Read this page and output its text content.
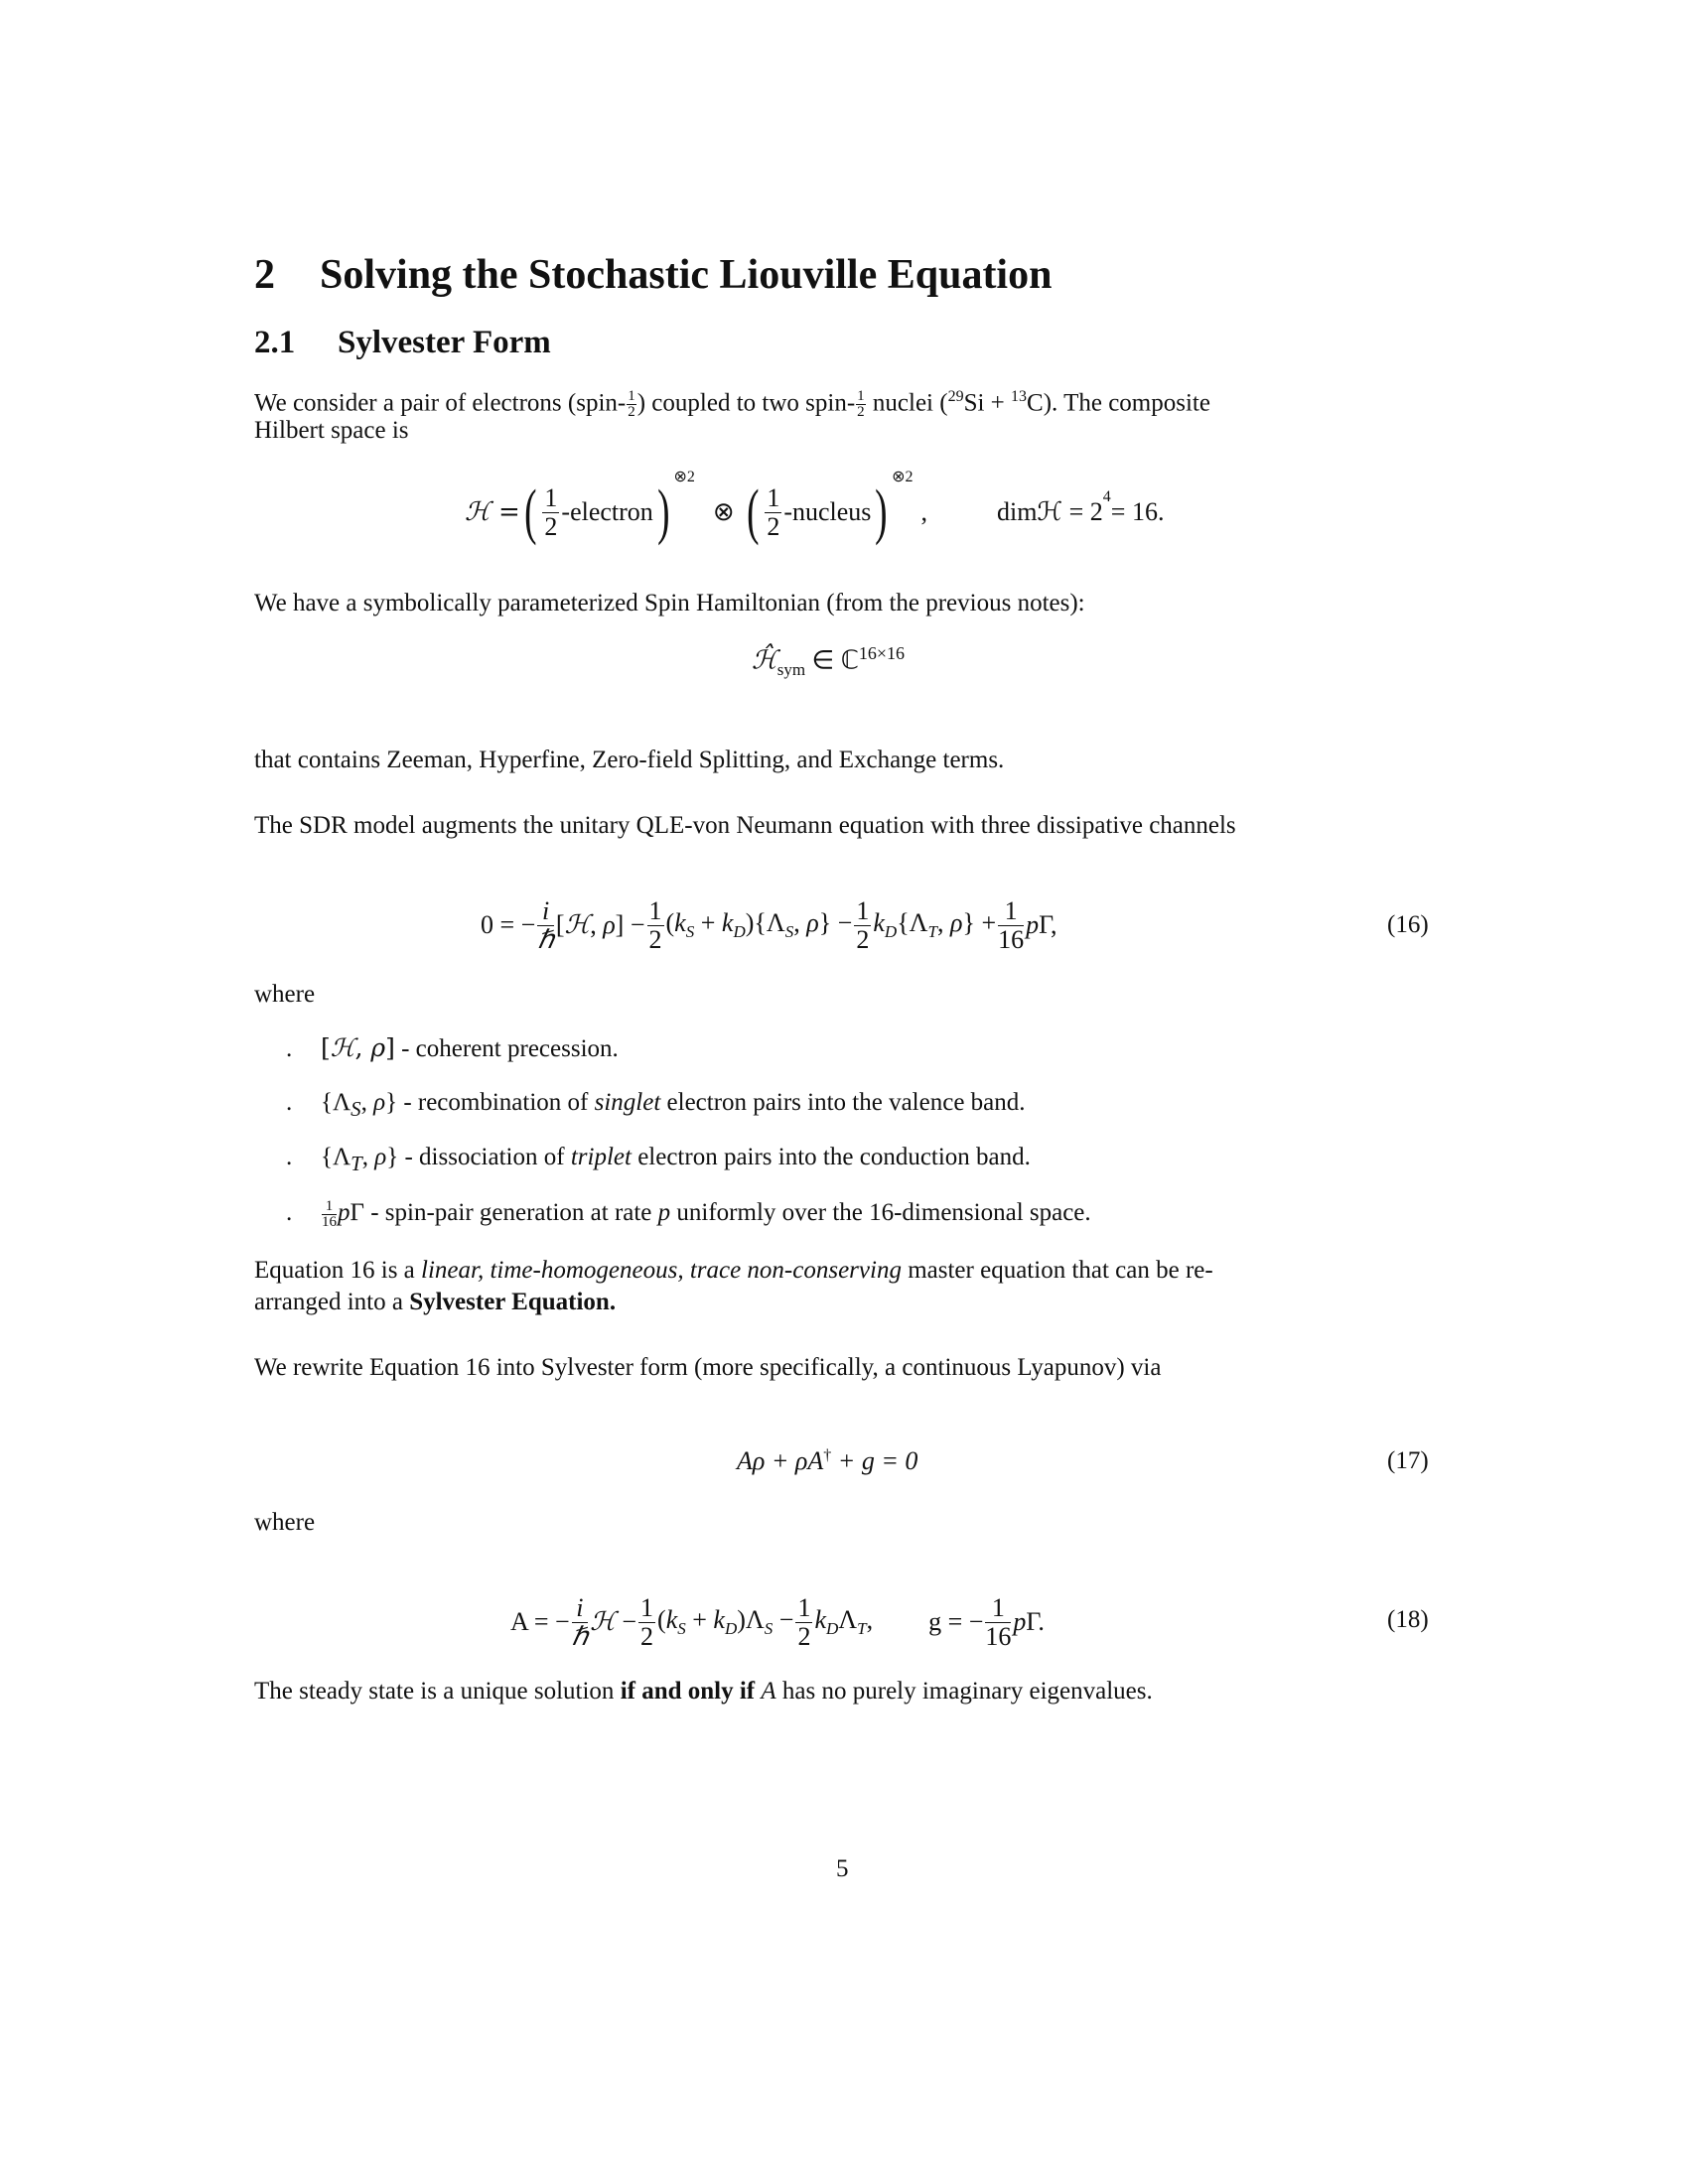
2 Solving the Stochastic Liouville Equation
2.1 Sylvester Form
We consider a pair of electrons (spin- $\frac{1}{2}$ ) coupled to two spin- $\frac{1}{2}$ nuclei ($^{29}$Si + $^{13}$C). The composite
Hilbert space is
ℋ = ( $\frac{1}{2}$ -electron )
$^{\otimes 2}$
⊗ ( $\frac{1}{2}$ -nucleus )
$^{\otimes 2}$
,	dimℋ = 2
$^4$
= 16.
We have a symbolically parameterized Spin Hamiltonian (from the previous notes):
$ℋ̂_{sym}$ ∈ ℂ$^{16\times 16}$
that contains Zeeman, Hyperfine, Zero-field Splitting, and Exchange terms.
The SDR model augments the unitary QLE-von Neumann equation with three dissipative channels
0 = − $\frac{i}{\text{ℏ}}$ [ℋ, $\rho] - \frac{1}{2} (k_S + k_D)\{\Lambda_S$, $\rho\} - \frac{1}{2} k_D\{\Lambda_T$, $\rho\} + \frac{1}{16} p\Gamma$,	(16)
where
. [ℋ, ρ] - coherent precession.
. {$\Lambda_S$, ρ} - recombination of singlet electron pairs into the valence band.
. {$\Lambda_T$, ρ} - dissociation of triplet electron pairs into the conduction band.
. $\frac{1}{16}$ pΓ - spin-pair generation at rate p uniformly over the 16-dimensional space.
Equation 16 is a linear, time-homogeneous, trace non-conserving master equation that can be re-
arranged into a Sylvester Equation.
We rewrite Equation 16 into Sylvester form (more specifically, a continuous Lyapunov) via
Aρ + ρA† + g = 0	(17)
where
A = − $\frac{i}{\text{ℏ}}$ ℋ − $\frac{1}{2} (k_S + k_D)\Lambda_S - \frac{1}{2} k_D\Lambda_T$, g = − $\frac{1}{16} p\Gamma$.	(18)
The steady state is a unique solution if and only if A has no purely imaginary eigenvalues.
5
